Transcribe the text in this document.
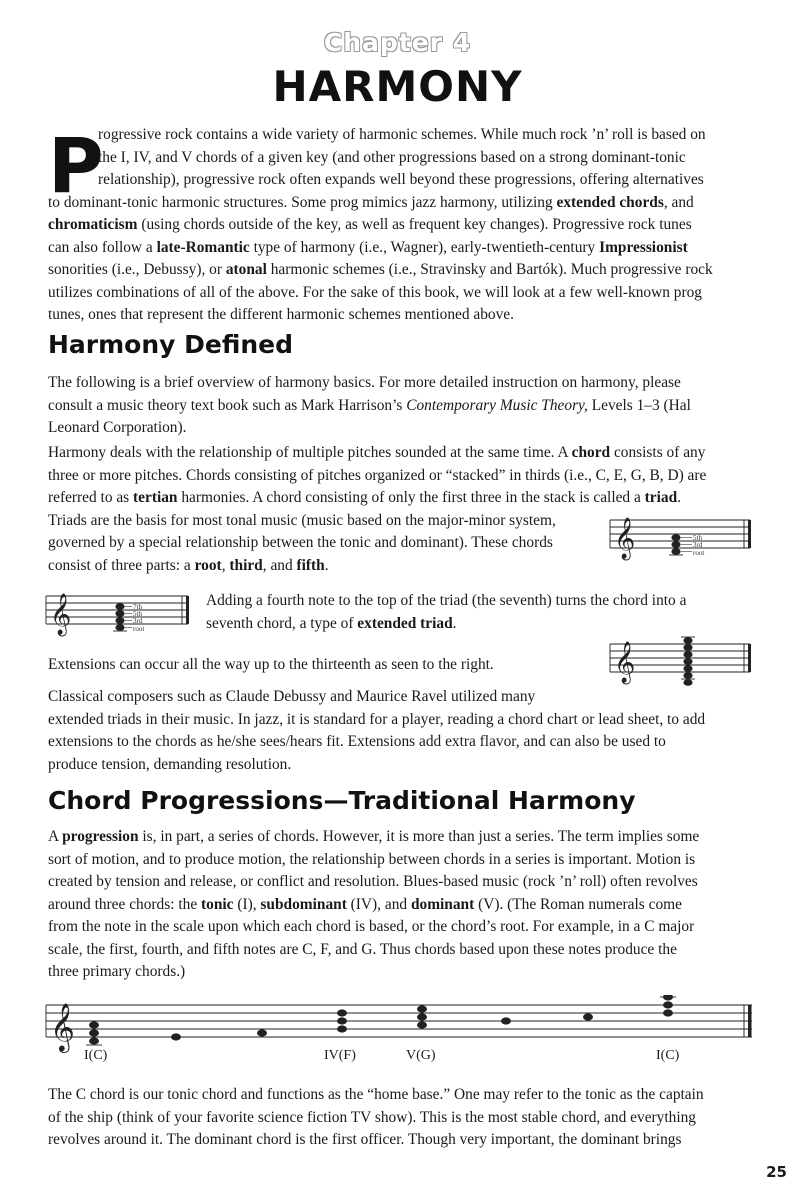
Chapter 4
HARMONY
P
rogressive rock contains a wide variety of harmonic schemes. While much rock ’n’ roll is based on
the I, IV, and V chords of a given key (and other progressions based on a strong dominant-tonic
relationship), progressive rock often expands well beyond these progressions, offering alternatives
to dominant-tonic harmonic structures. Some prog mimics jazz harmony, utilizing extended chords, and
chromaticism (using chords outside of the key, as well as frequent key changes). Progressive rock tunes
can also follow a late-Romantic type of harmony (i.e., Wagner), early-twentieth-century Impressionist
sonorities (i.e., Debussy), or atonal harmonic schemes (i.e., Stravinsky and Bartók). Much progressive rock
utilizes combinations of all of the above. For the sake of this book, we will look at a few well-known prog
tunes, ones that represent the different harmonic schemes mentioned above.
Harmony Defined
The following is a brief overview of harmony basics. For more detailed instruction on harmony, please
consult a music theory text book such as Mark Harrison’s Contemporary Music Theory, Levels 1–3 (Hal
Leonard Corporation).
Harmony deals with the relationship of multiple pitches sounded at the same time. A chord consists of any
three or more pitches. Chords consisting of pitches organized or “stacked” in thirds (i.e., C, E, G, B, D) are
referred to as tertian harmonies. A chord consisting of only the first three in the stack is called a triad.
Triads are the basis for most tonal music (music based on the major-minor system,
governed by a special relationship between the tonic and dominant). These chords
consist of three parts: a root, third, and fifth.
𝄞	5th
3rd
root
𝄞	7th
5th
3rd
root
Adding a fourth note to the top of the triad (the seventh) turns the chord into a
seventh chord, a type of extended triad.
Extensions can occur all the way up to the thirteenth as seen to the right.	𝄞
Classical composers such as Claude Debussy and Maurice Ravel utilized many
extended triads in their music. In jazz, it is standard for a player, reading a chord chart or lead sheet, to add
extensions to the chords as he/she sees/hears fit. Extensions add extra flavor, and can also be used to
produce tension, demanding resolution.
Chord Progressions—Traditional Harmony
A progression is, in part, a series of chords. However, it is more than just a series. The term implies some
sort of motion, and to produce motion, the relationship between chords in a series is important. Motion is
created by tension and release, or conflict and resolution. Blues-based music (rock ’n’ roll) often revolves
around three chords: the tonic (I), subdominant (IV), and dominant (V). (The Roman numerals come
from the note in the scale upon which each chord is based, or the chord’s root. For example, in a C major
scale, the first, fourth, and fifth notes are C, F, and G. Thus chords based upon these notes produce the
three primary chords.)
𝄞
I(C)	IV(F)	V(G)	I(C)
The C chord is our tonic chord and functions as the “home base.” One may refer to the tonic as the captain
of the ship (think of your favorite science fiction TV show). This is the most stable chord, and everything
revolves around it. The dominant chord is the first officer. Though very important, the dominant brings
25
